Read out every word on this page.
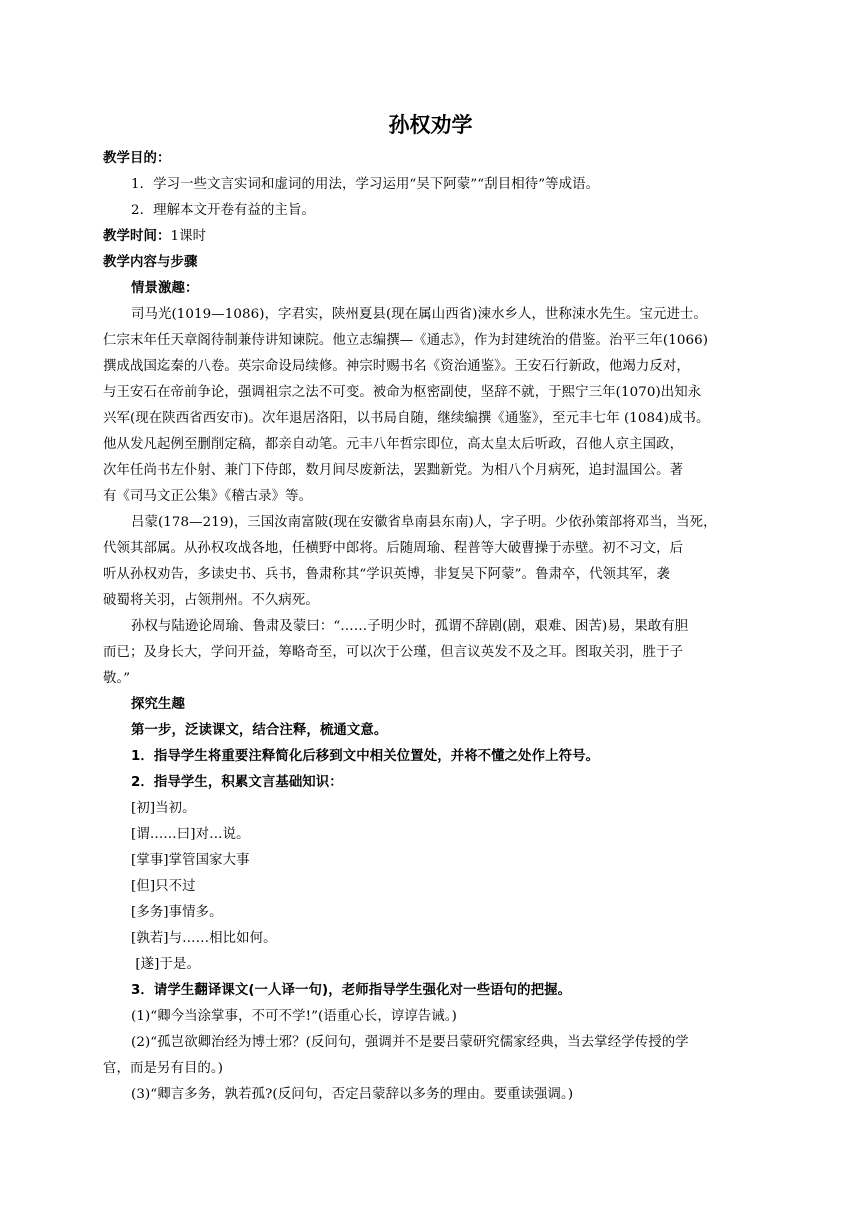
孙权劝学
教学目的：
1．学习一些文言实词和虚词的用法，学习运用“吴下阿蒙”“刮目相待”等成语。
2．理解本文开卷有益的主旨。
教学时间：1课时
教学内容与步骤
情景激趣：
司马光(1019—1086)，字君实，陕州夏县(现在属山西省)涑水乡人，世称涑水先生。宝元进士。
仁宗末年任天章阁待制兼侍讲知谏院。他立志编撰—《通志》，作为封建统治的借鉴。治平三年(1066)
撰成战国迄秦的八卷。英宗命设局续修。神宗时赐书名《资治通鉴》。王安石行新政，他竭力反对，
与王安石在帝前争论，强调祖宗之法不可变。被命为枢密副使，坚辞不就，于熙宁三年(1070)出知永
兴军(现在陕西省西安市)。次年退居洛阳，以书局自随，继续编撰《通鉴》，至元丰七年 (1084)成书。
他从发凡起例至删削定稿，都亲自动笔。元丰八年哲宗即位，高太皇太后听政，召他人京主国政，
次年任尚书左仆射、兼门下侍郎，数月间尽废新法，罢黜新党。为相八个月病死，追封温国公。著
有《司马文正公集》《稽古录》等。
吕蒙(178—219)，三国汝南富陂(现在安徽省阜南县东南)人，字子明。少依孙策部将邓当，当死，
代领其部属。从孙权攻战各地，任横野中郎将。后随周瑜、程普等大破曹操于赤壁。初不习文，后
听从孙权劝告，多读史书、兵书，鲁肃称其“学识英博，非复吴下阿蒙”。鲁肃卒，代领其军，袭
破蜀将关羽，占领荆州。不久病死。
孙权与陆逊论周瑜、鲁肃及蒙曰：“……子明少时，孤谓不辞剧(剧，艰难、困苦)易，果敢有胆
而已；及身长大，学问开益，筹略奇至，可以次于公瑾，但言议英发不及之耳。图取关羽，胜于子
敬。”
探究生趣
第一步，泛读课文，结合注释，梳通文意。
1．指导学生将重要注释简化后移到文中相关位置处，并将不懂之处作上符号。
2．指导学生，积累文言基础知识：
[初]当初。
[谓……曰]对…说。
[掌事]掌管国家大事
[但]只不过
[多务]事情多。
[孰若]与……相比如何。
[遂]于是。
3．请学生翻译课文(一人译一句)，老师指导学生强化对一些语句的把握。
(1)“卿今当涂掌事，不可不学!”(语重心长，谆谆告诫。)
(2)“孤岂欲卿治经为博士邪？(反问句，强调并不是要吕蒙研究儒家经典，当去掌经学传授的学
官，而是另有目的。)
(3)“卿言多务，孰若孤?(反问句，否定吕蒙辞以多务的理由。要重读强调。)
